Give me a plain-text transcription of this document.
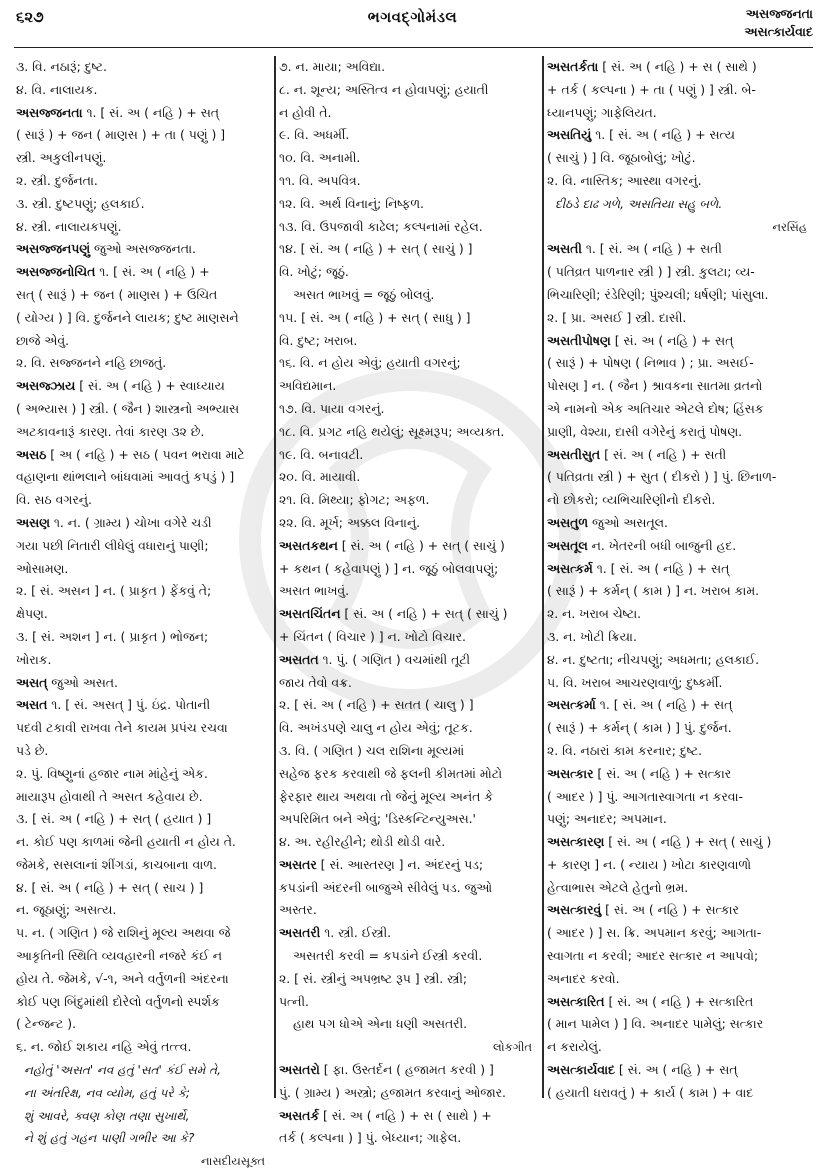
૬૨૭	ભગવદ્ગોમંડલ	અસજ્જનતા
અસત્કાર્યવાદ
૩. વિ. નઠારૂં; દુષ્ટ.
૪. વિ. નાલાયક.
અસજ્જનતા ૧. [ સં. અ ( નહિ ) + સત્
( સારૂં ) + જન ( માણસ ) + તા ( પણું ) ]
સ્ત્રી. અકુલીનપણું.
૨. સ્ત્રી. દુર્જનતા.
૩. સ્ત્રી. દુષ્ટપણું; હલકાઈ.
૪. સ્ત્રી. નાલાયકપણું.
અસજ્જનપણું જુઓ અસજ્જનતા.
અસજ્જનોચિત ૧. [ સં. અ ( નહિ ) +
સત્ ( સારૂં ) + જન ( માણસ ) + ઉચિત
( યોગ્ય ) ] વિ. દુર્જનને લાયક; દુષ્ટ માણસને
છાજે એવું.
૨. વિ. સજ્જનને નહિ છાજતું.
અસજ્ઝાય [ સં. અ ( નહિ ) + સ્વાધ્યાય
( અભ્યાસ ) ] સ્ત્રી. ( જૈન ) શાસ્ત્રનો અભ્યાસ
અટકાવનારૂં કારણ. તેવાં કારણ ૩૨ છે.
અસઠ [ અ ( નહિ ) + સઠ ( પવન ભરાવા માટે
વહાણના થાંભલાને બાંધવામાં આવતું કપડું ) ]
વિ. સઠ વગરનું.
અસણ ૧. ન. ( ગ્રામ્ય ) ચોખા વગેરે ચડી
ગયા પછી નિતારી લીધેલું વધારાનું પાણી;
ઓસામણ.
૨. [ સં. અસન ] ન. ( પ્રાકૃત ) ફેંકવું તે;
ક્ષેપણ.
૩. [ સં. અશન ] ન. ( પ્રાકૃત ) ભોજન;
ખોરાક.
અસત્ જુઓ અસત.
અસત ૧. [ સં. અસત્ ] પું. ઇંદ્ર. પોતાની
પદવી ટકાવી રાખવા તેને કાયમ પ્રપંચ રચવા
પડે છે.
૨. પું. વિષ્ણુનાં હજાર નામ માંહેનું એક.
માયારૂપ હોવાથી તે અસત કહેવાય છે.
૩. [ સં. અ ( નહિ ) + સત્ ( હયાત ) ]
ન. કોઈ પણ કાળમાં જેની હયાતી ન હોય તે.
જેમકે, સસલાનાં શીંગડાં, કાચબાના વાળ.
૪. [ સં. અ ( નહિ ) + સત્ ( સાચ ) ]
ન. જૂઠાણું; અસત્ય.
૫. ન. ( ગણિત ) જે રાશિનું મૂલ્ય અથવા જે
આકૃતિની સ્થિતિ વ્યવહારની નજરે કંઈ ન
હોય તે. જેમકે, √-૧, અને વર્તુળની અંદરના
કોઈ પણ બિંદુમાંથી દોરેલો વર્તુળનો સ્પર્શક
( ટેન્જન્ટ ).
૬. ન. જોઈ શકાય નહિ એવું તત્ત્વ.
નહોતું 'અસત' નવ હતું 'સત' કંઈ સમે તે,
ના અંતરિક્ષ, નવ વ્યોમ, હતું પરે કે;
શું આવરે, ક્વણ કોણ તણા સુખાર્થે,
ને શું હતું ગહન પાણી ગભીર આ કે?
નાસદીયસૂક્ત
૭. ન. માયા; અવિદ્યા.
૮. ન. શૂન્ય; અસ્તિત્વ ન હોવાપણું; હયાતી
ન હોવી તે.
૯. વિ. અધર્મી.
૧૦. વિ. અનામી.
૧૧. વિ. અપવિત્ર.
૧૨. વિ. અર્થ વિનાનું; નિષ્ફળ.
૧૩. વિ. ઉપજાવી કાઢેલ; કલ્પનામાં રહેલ.
૧૪. [ સં. અ ( નહિ ) + સત્ ( સાચું ) ]
વિ. ખોટું; જૂઠું.
અસત ભાખવું = જૂઠું બોલવું.
૧૫. [ સં. અ ( નહિ ) + સત્ ( સાધુ ) ]
વિ. દુષ્ટ; ખરાબ.
૧૬. વિ. ન હોય એવું; હયાતી વગરનું;
અવિદ્યમાન.
૧૭. વિ. પાયા વગરનું.
૧૮. વિ. પ્રગટ નહિ થયેલું; સૂક્ષ્મરૂપ; અવ્યક્ત.
૧૯. વિ. બનાવટી.
૨૦. વિ. માયાવી.
૨૧. વિ. મિથ્યા; ફોગટ; અફળ.
૨૨. વિ. મૂર્ખ; અક્કલ વિનાનું.
અસતકથન [ સં. અ ( નહિ ) + સત્ ( સાચું )
+ કથન ( કહેવાપણું ) ] ન. જૂઠું બોલવાપણું;
અસત ભાખવું.
અસતચિંતન [ સં. અ ( નહિ ) + સત્ ( સાચું )
+ ચિંતન ( વિચાર ) ] ન. ખોટો વિચાર.
અસતત ૧. પું. ( ગણિત ) વચમાંથી તૂટી
જાય તેવો વક્ર.
૨. [ સં. અ ( નહિ ) + સતત ( ચાલુ ) ]
વિ. અખંડપણે ચાલુ ન હોય એવું; તૂટક.
૩. વિ. ( ગણિત ) ચલ રાશિના મૂલ્યમાં
સહેજ ફરક કરવાથી જે ફલની કીમતમાં મોટો
ફેરફાર થાય અથવા તો જેનું મૂલ્ય અનંત કે
અપરિમિત બને એવું; 'ડિસ્કન્ટિન્યુઅસ.'
૪. અ. રહીરહીને; થોડી થોડી વારે.
અસતર [ સં. આસ્તરણ ] ન. અંદરનું પડ;
કપડાંની અંદરની બાજુએ સીવેલું પડ. જુઓ
અસ્તર.
અસતરી ૧. સ્ત્રી. ઈસ્ત્રી.
અસતરી કરવી = કપડાંને ઈસ્ત્રી કરવી.
૨. [ સં. સ્ત્રીનું અપભ્રષ્ટ રૂપ ] સ્ત્રી. સ્ત્રી;
પત્ની.
હાથ પગ ધોએ એના ધણી અસતરી.
લોકગીત
અસતરો [ ફા. ઉસ્તર્દન ( હજામત કરવી ) ]
પું. ( ગ્રામ્ય ) અસ્ત્રો; હજામત કરવાનું ઓજાર.
અસતર્ક [ સં. અ ( નહિ ) + સ ( સાથે ) +
તર્ક ( કલ્પના ) ] પું. બેધ્યાન; ગાફેલ.
અસતર્કતા [ સં. અ ( નહિ ) + સ ( સાથે )
+ તર્ક ( કલ્પના ) + તા ( પણું ) ] સ્ત્રી. બે-
ધ્યાનપણું; ગાફેલિયત.
અસતિયું ૧. [ સં. અ ( નહિ ) + સત્ય
( સાચું ) ] વિ. જૂઠાબોલું; ખોટું.
૨. વિ. નાસ્તિક; આસ્થા વગરનું.
દીઠડે દાઢ ગળે, અસતિયા સહુ બળે.
નરસિંહ
અસતી ૧. [ સં. અ ( નહિ ) + સતી
( પતિવ્રત પાળનાર સ્ત્રી ) ] સ્ત્રી. કુલટા; વ્ય-
ભિચારિણી; રંડેરિણી; પુંશ્ચલી; ધર્ષણી; પાંસુલા.
૨. [ પ્રા. અસઈ ] સ્ત્રી. દાસી.
અસતીપોષણ [ સં. અ ( નહિ ) + સત્
( સારૂં ) + પોષણ ( નિભાવ ) ; પ્રા. અસઈ-
પોસણ ] ન. ( જૈન ) શ્રાવકના સાતમા વ્રતનો
એ નામનો એક અતિચાર એટલે દોષ; હિંસક
પ્રાણી, વેશ્યા, દાસી વગેરેનું કરાતું પોષણ.
અસતીસુત [ સં. અ ( નહિ ) + સતી
( પતિવ્રતા સ્ત્રી ) + સુત ( દીકરો ) ] પું. છિનાળ-
નો છોકરો; વ્યભિચારિણીનો દીકરો.
અસતુળ જુઓ અસતૂલ.
અસતૂલ ન. ખેતરની બધી બાજુની હદ.
અસત્કર્મ ૧. [ સં. અ ( નહિ ) + સત્
( સારૂં ) + કર્મન્ ( કામ ) ] ન. ખરાબ કામ.
૨. ન. ખરાબ ચેષ્ટા.
૩. ન. ખોટી ક્રિયા.
૪. ન. દુષ્ટતા; નીચપણું; અધમતા; હલકાઈ.
૫. વિ. ખરાબ આચરણવાળું; દુષ્કર્મી.
અસત્કર્મા ૧. [ સં. અ ( નહિ ) + સત્
( સારૂં ) + કર્મન્ ( કામ ) ] પું. દુર્જન.
૨. વિ. નઠારાં કામ કરનાર; દુષ્ટ.
અસત્કાર [ સં. અ ( નહિ ) + સત્કાર
( આદર ) ] પું. આગતાસ્વાગતા ન કરવા-
પણું; અનાદર; અપમાન.
અસત્કારણ [ સં. અ ( નહિ ) + સત્ ( સાચું )
+ કારણ ] ન. ( ન્યાય ) ખોટા કારણવાળો
હેત્વાભાસ એટલે હેતુનો ભ્રમ.
અસત્કારવું [ સં. અ ( નહિ ) + સત્કાર
( આદર ) ] સ. ક્રિ. અપમાન કરવું; આગતા-
સ્વાગતા ન કરવી; આદર સત્કાર ન આપવો;
અનાદર કરવો.
અસત્કારિત [ સં. અ ( નહિ ) + સત્કારિત
( માન પામેલ ) ] વિ. અનાદર પામેલું; સત્કાર
ન કરાયેલું.
અસત્કાર્યવાદ [ સં. અ ( નહિ ) + સત્
( હયાતી ધરાવતું ) + કાર્ય ( કામ ) + વાદ
